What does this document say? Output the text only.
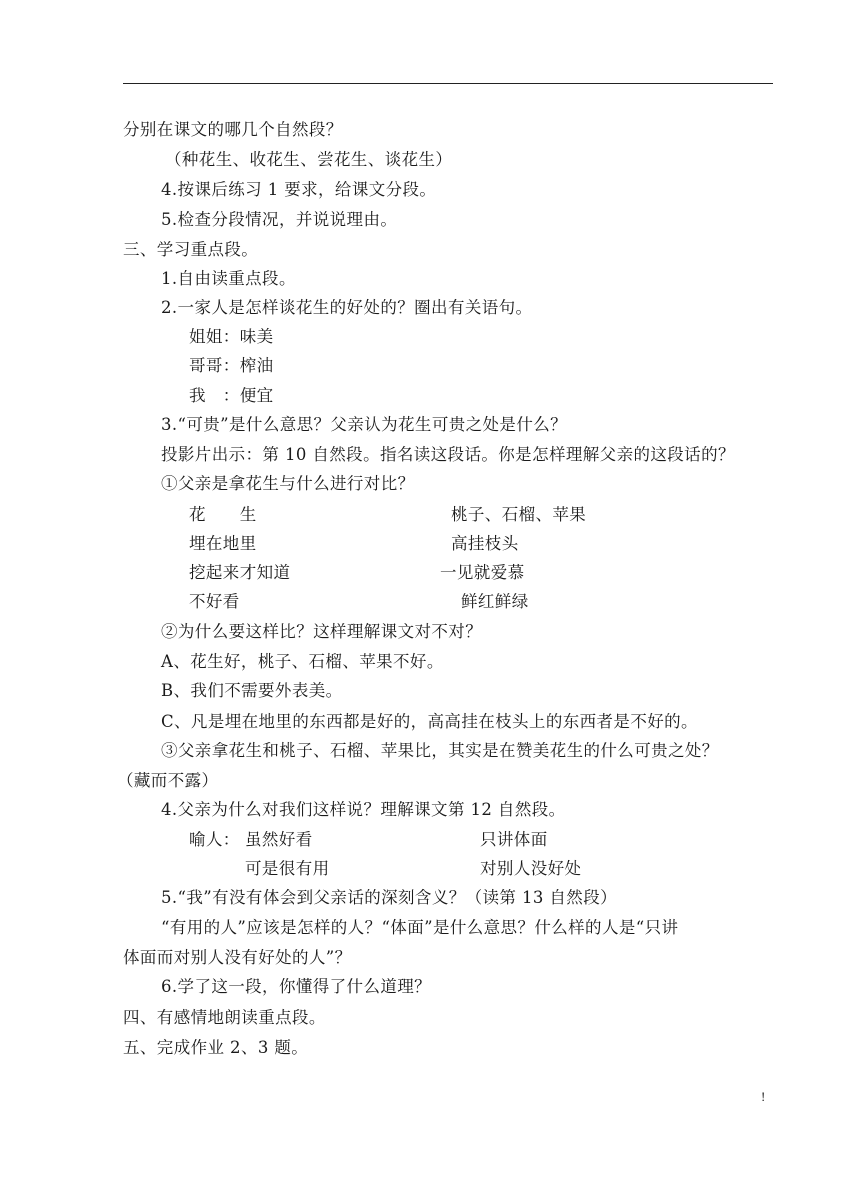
分别在课文的哪几个自然段？
（种花生、收花生、尝花生、谈花生）
4.按课后练习 1 要求，给课文分段。
5.检查分段情况，并说说理由。
三、学习重点段。
1.自由读重点段。
2.一家人是怎样谈花生的好处的？圈出有关语句。
姐姐：味美
哥哥：榨油
我　：便宜
3.“可贵”是什么意思？父亲认为花生可贵之处是什么？
投影片出示：第 10 自然段。指名读这段话。你是怎样理解父亲的这段话的？
①父亲是拿花生与什么进行对比？
花　　生	桃子、石榴、苹果
埋在地里	高挂枝头
挖起来才知道	一见就爱慕
不好看	鲜红鲜绿
②为什么要这样比？这样理解课文对不对？
A、花生好，桃子、石榴、苹果不好。
B、我们不需要外表美。
C、凡是埋在地里的东西都是好的，高高挂在枝头上的东西者是不好的。
③父亲拿花生和桃子、石榴、苹果比，其实是在赞美花生的什么可贵之处？
（藏而不露）
4.父亲为什么对我们这样说？理解课文第 12 自然段。
喻人： 虽然好看	只讲体面
可是很有用	对别人没好处
5.“我”有没有体会到父亲话的深刻含义？（读第 13 自然段）
“有用的人”应该是怎样的人？“体面”是什么意思？什么样的人是“只讲
体面而对别人没有好处的人”？
6.学了这一段，你懂得了什么道理？
四、有感情地朗读重点段。
五、完成作业 2、3 题。
!
